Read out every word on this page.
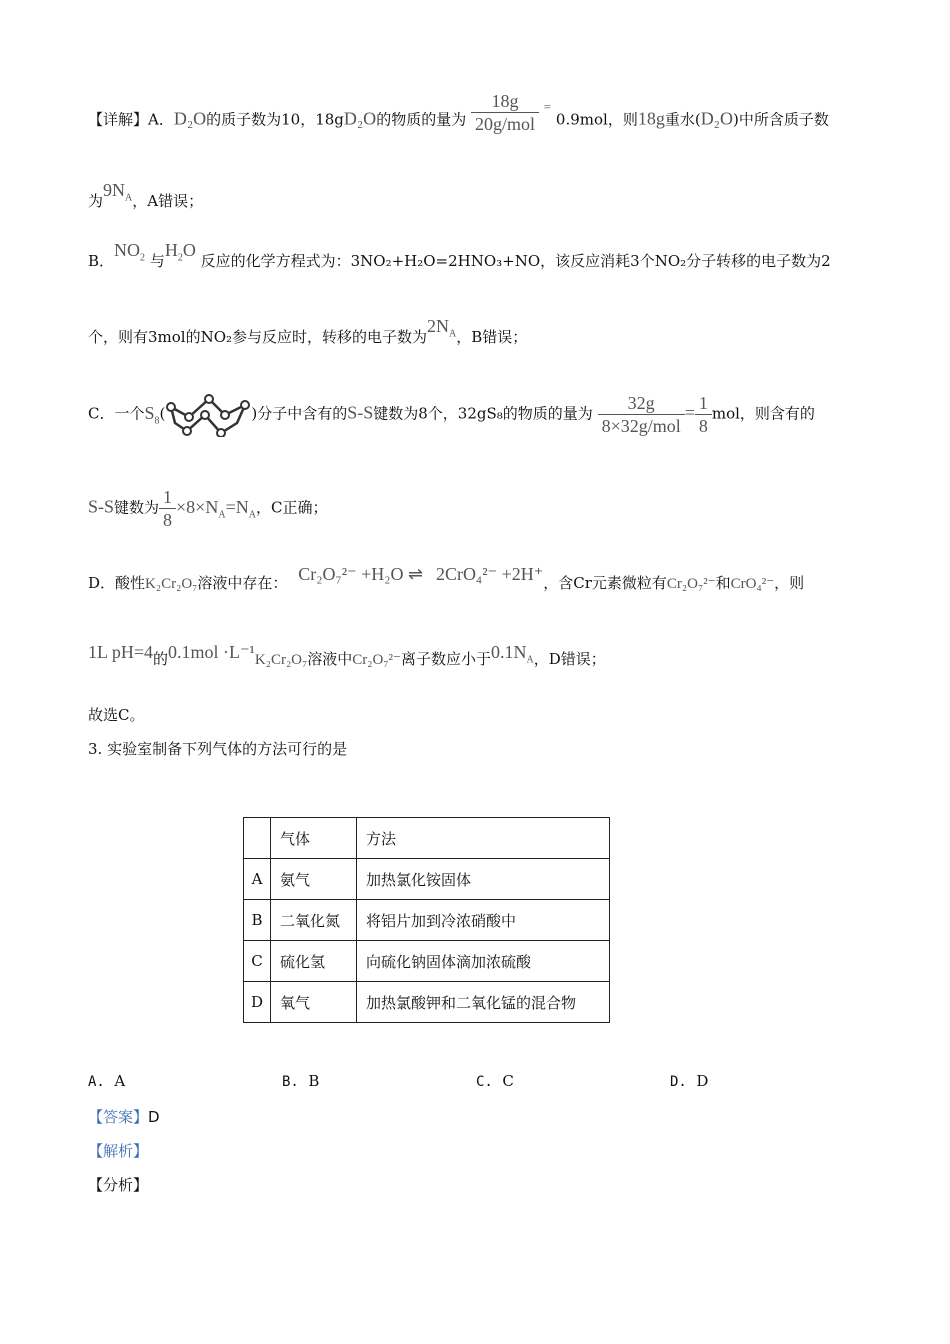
【详解】A．D₂O的质子数为10，18gD₂O的物质的量为 $\frac{18g}{\text{20g/mol}} = 0.9mol$，则18g重水(D₂O)中所含质子数
为$9N_A$，A错误；
B．$NO_2$ 与$H_2O$ 反应的化学方程式为：3NO₂+H₂O=2HNO₃+NO，该反应消耗3个NO₂分子转移的电子数为2
个，则有3mol的NO₂参与反应时，转移的电子数为$2N_A$，B错误；
C．一个$S_8$(	)分子中含有的S-S键数为8个，32gS₈的物质的量为 $\frac{32g}{\text{8×32g/mol}} = \frac{1}{8}$ mol，则含有的
S-S键数为 $\frac{1}{8} \times 8\times N_A=N_A$，C正确；
D．酸性K₂Cr₂O₇溶液中存在： Cr₂O₇²⁻ +H₂O ⇌ 2CrO₄²⁻ +2H⁺，含Cr元素微粒有Cr₂O₇²⁻和CrO₄²⁻，则
1L pH=4的0.1mol ·L⁻¹K₂Cr₂O₇溶液中Cr₂O₇²⁻离子数应小于$0.1N_A$，D错误；
故选C。
3. 实验室制备下列气体的方法可行的是
	气体	方法
A	氨气	加热氯化铵固体
B	二氧化氮	将铝片加到冷浓硝酸中
C	硫化氢	向硫化钠固体滴加浓硫酸
D	氧气	加热氯酸钾和二氧化锰的混合物
A. A	B. B	C. C	D. D
【答案】D
【解析】
【分析】
